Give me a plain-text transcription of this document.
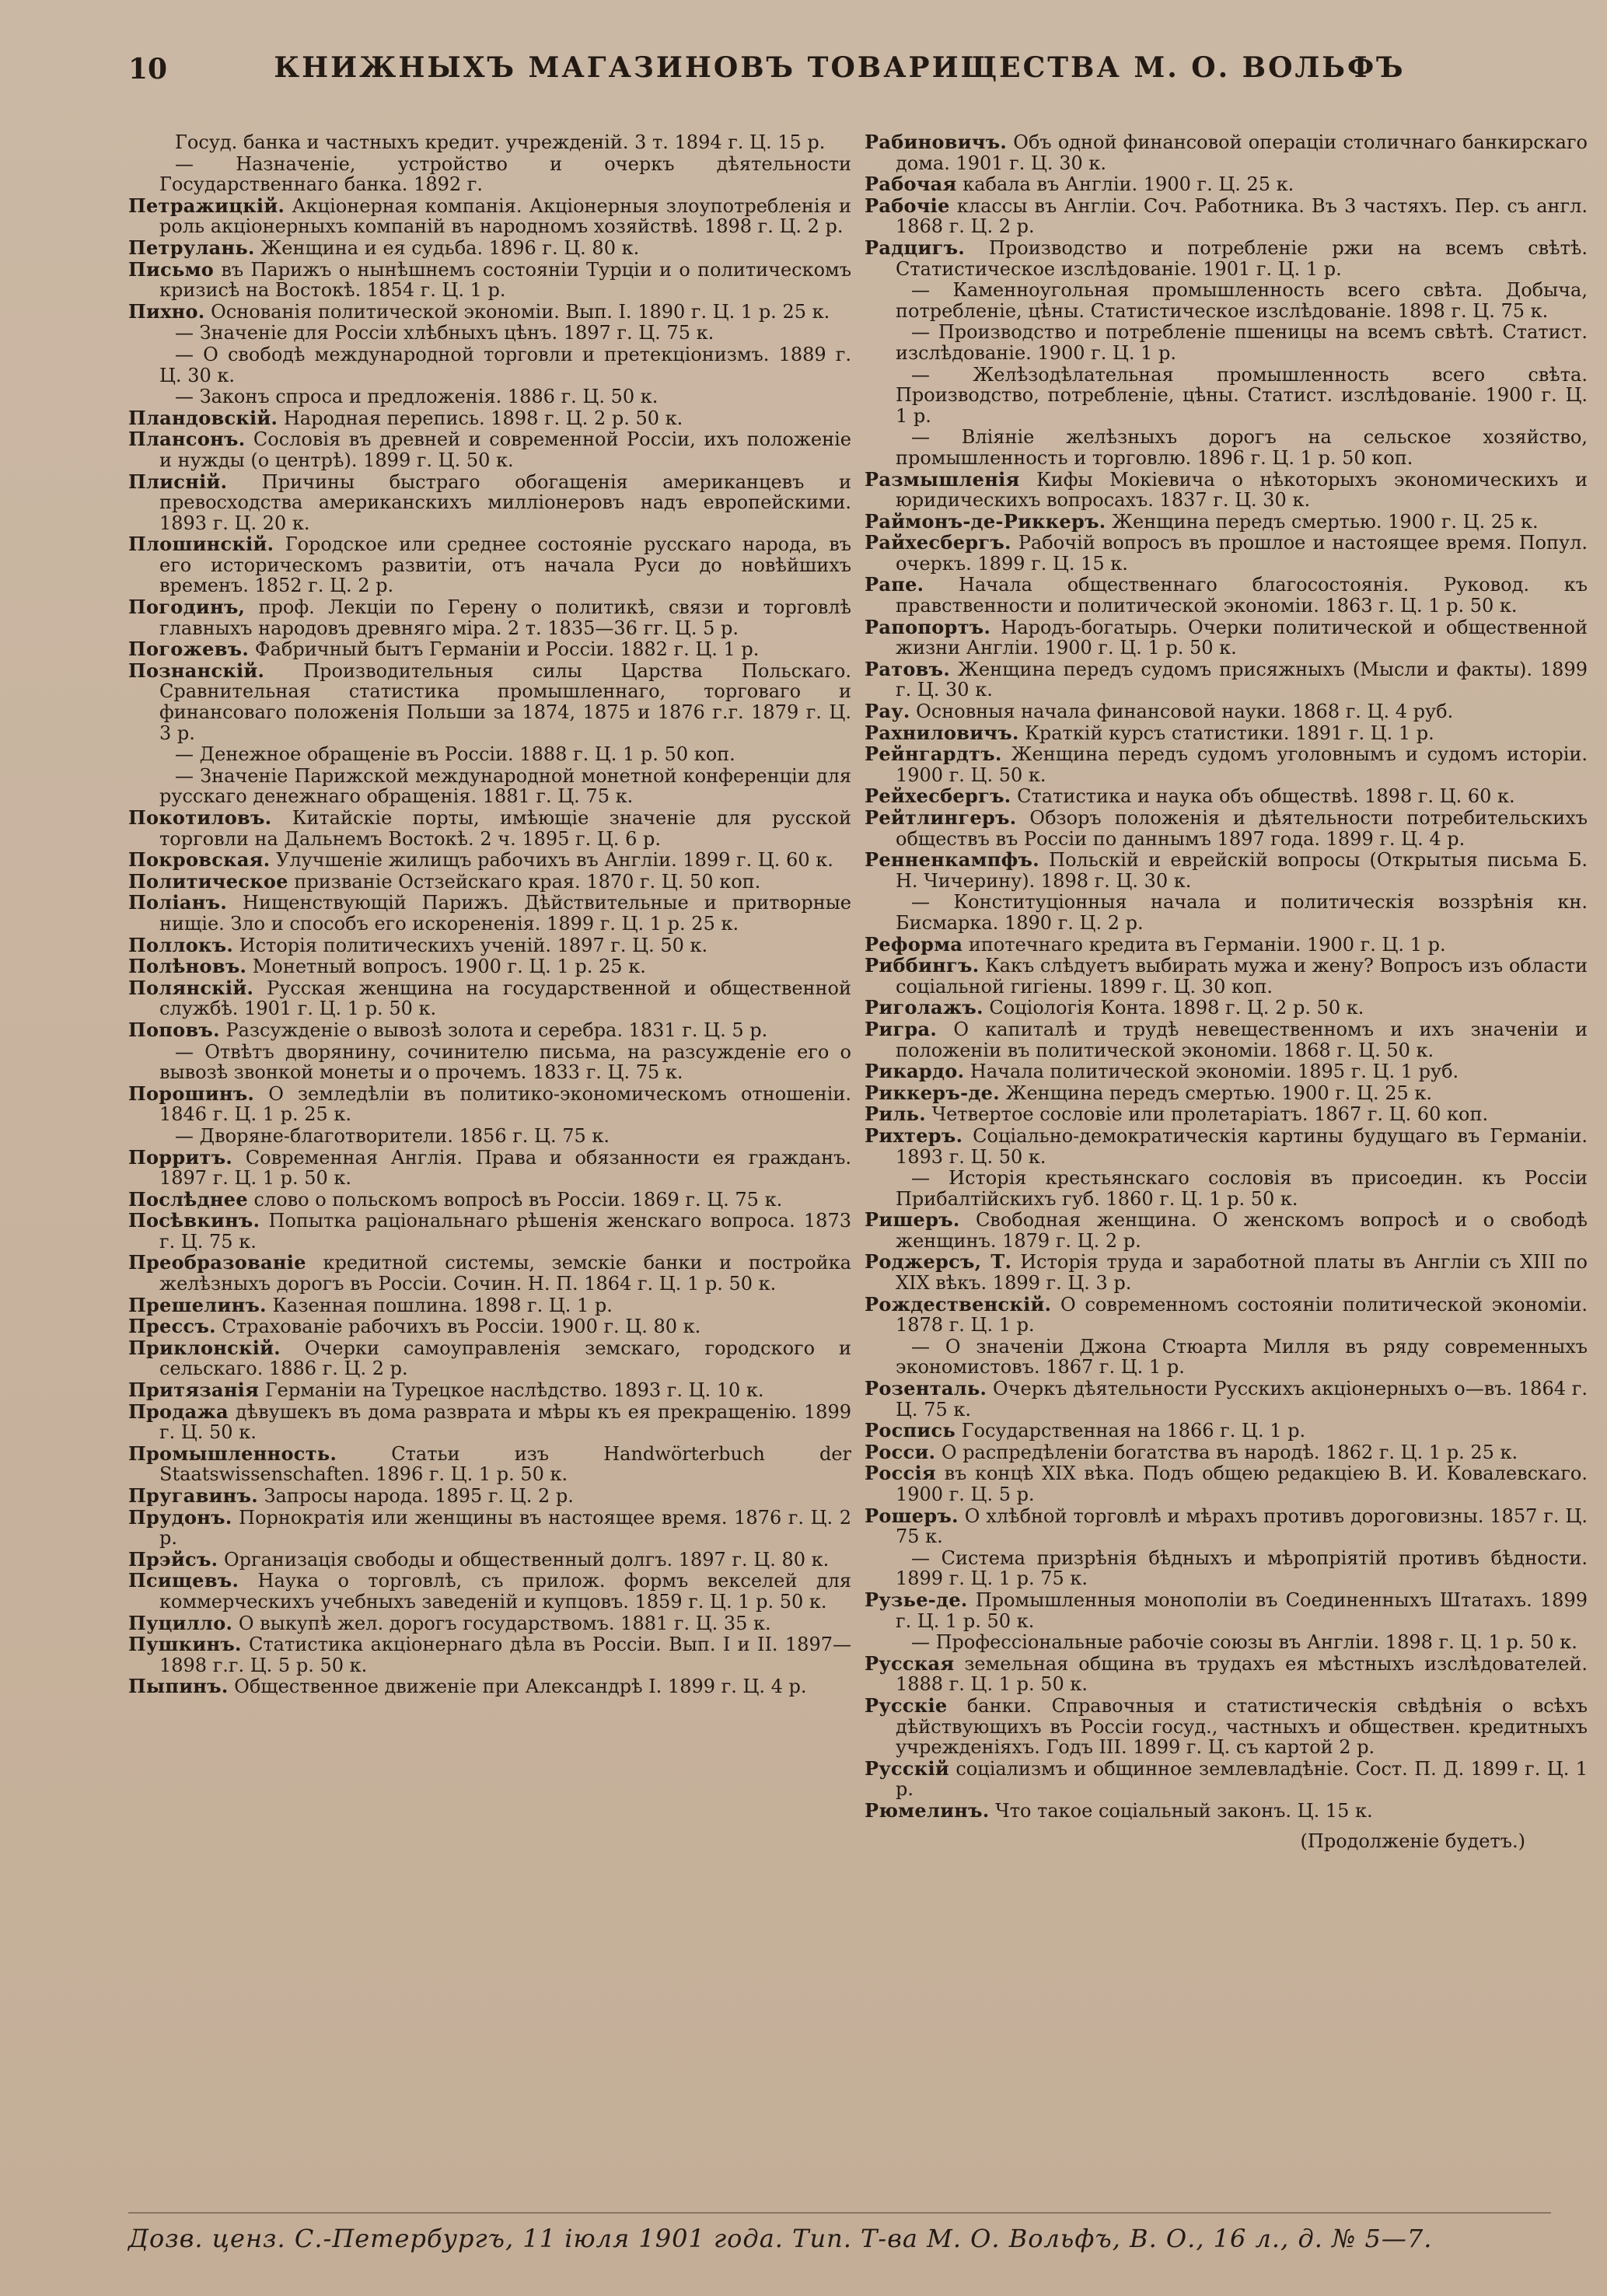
10	КНИЖНЫХЪ МАГАЗИНОВЪ ТОВАРИЩЕСТВА М. О. ВОЛЬФЪ

Госуд. банка и частныхъ кредит. учрежденій. 3 т. 1894 г. Ц. 15 р.

— Назначеніе, устройство и очеркъ дѣятельности Государственнаго банка. 1892 г.

Петражицкій. Акціонерная компанія. Акціонерныя злоупотребленія и роль акціонерныхъ компаній въ народномъ хозяйствѣ. 1898 г. Ц. 2 р.

Петрулань. Женщина и ея судьба. 1896 г. Ц. 80 к.

Письмо въ Парижъ о нынѣшнемъ состояніи Турціи и о политическомъ кризисѣ на Востокѣ. 1854 г. Ц. 1 р.

Пихно. Основанія политической экономіи. Вып. I. 1890 г. Ц. 1 р. 25 к.

— Значеніе для Россіи хлѣбныхъ цѣнъ. 1897 г. Ц. 75 к.

— О свободѣ международной торговли и претекціонизмъ. 1889 г. Ц. 30 к.

— Законъ спроса и предложенія. 1886 г. Ц. 50 к.

Пландовскій. Народная перепись. 1898 г. Ц. 2 р. 50 к.

Плансонъ. Сословія въ древней и современной Россіи, ихъ положеніе и нужды (о центрѣ). 1899 г. Ц. 50 к.

Плиснiй. Причины быстраго обогащенія американцевъ и превосходства американскихъ милліонеровъ надъ европейскими. 1893 г. Ц. 20 к.

Плошинскій. Городское или среднее состояніе русскаго народа, въ его историческомъ развитіи, отъ начала Руси до новѣйшихъ временъ. 1852 г. Ц. 2 р.

Погодинъ, проф. Лекціи по Герену о политикѣ, связи и торговлѣ главныхъ народовъ древняго міра. 2 т. 1835—36 гг. Ц. 5 р.

Погожевъ. Фабричный бытъ Германіи и Россіи. 1882 г. Ц. 1 р.

Познанскій. Производительныя силы Царства Польскаго. Сравнительная статистика промышленнаго, торговаго и финансоваго положенія Польши за 1874, 1875 и 1876 г.г. 1879 г. Ц. 3 р.

— Денежное обращеніе въ Россіи. 1888 г. Ц. 1 р. 50 коп.

— Значеніе Парижской международной монетной конференціи для русскаго денежнаго обращенія. 1881 г. Ц. 75 к.

Покотиловъ. Китайскіе порты, имѣющіе значеніе для русской торговли на Дальнемъ Востокѣ. 2 ч. 1895 г. Ц. 6 р.

Покровская. Улучшеніе жилищъ рабочихъ въ Англіи. 1899 г. Ц. 60 к.

Политическое призваніе Остзейскаго края. 1870 г. Ц. 50 коп.

Поліанъ. Нищенствующій Парижъ. Дѣйствительные и притворные нищіе. Зло и способъ его искорененія. 1899 г. Ц. 1 р. 25 к.

Поллокъ. Исторія политическихъ ученій. 1897 г. Ц. 50 к.

Полѣновъ. Монетный вопросъ. 1900 г. Ц. 1 р. 25 к.

Полянскій. Русская женщина на государственной и общественной службѣ. 1901 г. Ц. 1 р. 50 к.

Поповъ. Разсужденіе о вывозѣ золота и серебра. 1831 г. Ц. 5 р.

— Отвѣтъ дворянину, сочинителю письма, на разсужденіе его о вывозѣ звонкой монеты и о прочемъ. 1833 г. Ц. 75 к.

Порошинъ. О земледѣліи въ политико-экономическомъ отношеніи. 1846 г. Ц. 1 р. 25 к.

— Дворяне-благотворители. 1856 г. Ц. 75 к.

Порритъ. Современная Англія. Права и обязанности ея гражданъ. 1897 г. Ц. 1 р. 50 к.

Послѣднее слово о польскомъ вопросѣ въ Россіи. 1869 г. Ц. 75 к.

Посѣвкинъ. Попытка раціональнаго рѣшенія женскаго вопроса. 1873 г. Ц. 75 к.

Преобразованіе кредитной системы, земскіе банки и постройка желѣзныхъ дорогъ въ Россіи. Сочин. Н. П. 1864 г. Ц. 1 р. 50 к.

Прешелинъ. Казенная пошлина. 1898 г. Ц. 1 р.

Прессъ. Страхованіе рабочихъ въ Россіи. 1900 г. Ц. 80 к.

Приклонскій. Очерки самоуправленія земскаго, городского и сельскаго. 1886 г. Ц. 2 р.

Притязанія Германіи на Турецкое наслѣдство. 1893 г. Ц. 10 к.

Продажа дѣвушекъ въ дома разврата и мѣры къ ея прекращенію. 1899 г. Ц. 50 к.

Промышленность.	Статьи изъ Handwörterbuch der Staatswissenschaften. 1896 г. Ц. 1 р. 50 к.

Пругавинъ. Запросы народа. 1895 г. Ц. 2 р.

Прудонъ. Порнократія или женщины въ настоящее время. 1876 г. Ц. 2 р.

Прэйсъ. Организація свободы и общественный долгъ. 1897 г. Ц. 80 к.

Псищевъ. Наука о торговлѣ, съ прилож. формъ векселей для коммерческихъ учебныхъ заведеній и купцовъ. 1859 г. Ц. 1 р. 50 к.

Пуцилло. О выкупѣ жел. дорогъ государствомъ. 1881 г. Ц. 35 к.

Пушкинъ. Статистика акціонернаго дѣла въ Россіи. Вып. I и II. 1897—1898 г.г. Ц. 5 р. 50 к.

Пыпинъ. Общественное движеніе при Александрѣ I. 1899 г. Ц. 4 р.

Рабиновичъ. Объ одной финансовой операціи столичнаго банкирскаго дома. 1901 г. Ц. 30 к.

Рабочая кабала въ Англіи. 1900 г. Ц. 25 к.

Рабочіе классы въ Англіи. Соч. Работника. Въ 3 частяхъ. Пер. съ англ. 1868 г. Ц. 2 р.

Радцигъ. Производство и потребленіе ржи на всемъ свѣтѣ. Статистическое изслѣдованіе. 1901 г. Ц. 1 р.

— Каменноугольная промышленность всего свѣта. Добыча, потребленіе, цѣны. Статистическое изслѣдованіе. 1898 г. Ц. 75 к.

— Производство и потребленіе пшеницы на всемъ свѣтѣ. Статист. изслѣдованіе. 1900 г. Ц. 1 р.

— Желѣзодѣлательная промышленность всего свѣта. Производство, потребленіе, цѣны. Статист. изслѣдованіе. 1900 г. Ц. 1 р.

— Вліяніе желѣзныхъ дорогъ на сельское хозяйство, промышленность и торговлю. 1896 г. Ц. 1 р. 50 коп.

Размышленія Кифы Мокіевича о нѣкоторыхъ экономическихъ и юридическихъ вопросахъ. 1837 г. Ц. 30 к.

Раймонъ-де-Риккеръ. Женщина передъ смертью. 1900 г. Ц. 25 к.

Райхесбергъ. Рабочій вопросъ въ прошлое и настоящее время. Попул. очеркъ. 1899 г. Ц. 15 к.

Рапе. Начала общественнаго благосостоянія. Руковод. къ правственности и политической экономіи. 1863 г. Ц. 1 р. 50 к.

Рапопортъ. Народъ-богатырь. Очерки политической и общественной жизни Англіи. 1900 г. Ц. 1 р. 50 к.

Ратовъ. Женщина передъ судомъ присяжныхъ (Мысли и факты). 1899 г. Ц. 30 к.

Рау. Основныя начала финансовой науки. 1868 г. Ц. 4 руб.

Рахниловичъ. Краткій курсъ статистики. 1891 г. Ц. 1 р.

Рейнгардтъ. Женщина передъ судомъ уголовнымъ и судомъ исторіи. 1900 г. Ц. 50 к.

Рейхесбергъ. Статистика и наука объ обществѣ. 1898 г. Ц. 60 к.

Рейтлингеръ. Обзоръ положенія и дѣятельности потребительскихъ обществъ въ Россіи по даннымъ 1897 года. 1899 г. Ц. 4 р.

Ренненкампфъ. Польскій и еврейскій вопросы (Открытыя письма Б. Н. Чичерину). 1898 г. Ц. 30 к.

— Конституціонныя начала и политическія воззрѣнія кн. Бисмарка. 1890 г. Ц. 2 р.

Реформа ипотечнаго кредита въ Германіи. 1900 г. Ц. 1 р.

Риббингъ. Какъ слѣдуетъ выбирать мужа и жену? Вопросъ изъ области соціальной гигіены. 1899 г. Ц. 30 коп.

Риголажъ. Соціологія Конта. 1898 г. Ц. 2 р. 50 к.

Ригра. О капиталѣ и трудѣ невещественномъ и ихъ значеніи и положеніи въ политической экономіи. 1868 г. Ц. 50 к.

Рикардо. Начала политической экономіи. 1895 г. Ц. 1 руб.

Риккеръ-де. Женщина передъ смертью. 1900 г. Ц. 25 к.

Риль. Четвертое сословіе или пролетаріатъ. 1867 г. Ц. 60 коп.

Рихтеръ. Соціально-демократическія картины будущаго въ Германіи. 1893 г. Ц. 50 к.

— Исторія крестьянскаго сословія въ присоедин. къ Россіи Прибалтійскихъ губ. 1860 г. Ц. 1 р. 50 к.

Ришеръ. Свободная женщина. О женскомъ вопросѣ и о свободѣ женщинъ. 1879 г. Ц. 2 р.

Роджерсъ, Т. Исторія труда и заработной платы въ Англіи съ XIII по XIX вѣкъ. 1899 г. Ц. 3 р.

Рождественскій. О современномъ состояніи политической экономіи. 1878 г. Ц. 1 р.

— О значеніи Джона Стюарта Милля въ ряду современныхъ экономистовъ. 1867 г. Ц. 1 р.

Розенталь. Очеркъ дѣятельности Русскихъ акціонерныхъ о—въ. 1864 г. Ц. 75 к.

Роспись Государственная на 1866 г. Ц. 1 р.

Росси. О распредѣленіи богатства въ народѣ. 1862 г. Ц. 1 р. 25 к.

Россія въ концѣ XIX вѣка. Подъ общею редакціею В. И. Ковалевскаго. 1900 г. Ц. 5 р.

Рошеръ. О хлѣбной торговлѣ и мѣрахъ противъ дороговизны. 1857 г. Ц. 75 к.

— Система призрѣнія бѣдныхъ и мѣропріятій противъ бѣдности. 1899 г. Ц. 1 р. 75 к.

Рузье-де. Промышленныя монополіи въ Соединенныхъ Штатахъ. 1899 г. Ц. 1 р. 50 к.

— Профессіональные рабочіе союзы въ Англіи. 1898 г. Ц. 1 р. 50 к.

Русская земельная община въ трудахъ ея мѣстныхъ изслѣдователей. 1888 г. Ц. 1 р. 50 к.

Русскіе банки. Справочныя и статистическія свѣдѣнія о всѣхъ дѣйствующихъ въ Россіи госуд., частныхъ и обществен. кредитныхъ учрежденіяхъ. Годъ III. 1899 г. Ц. съ картой 2 р.

Русскій соціализмъ и общинное землевладѣніе. Сост. П. Д. 1899 г. Ц. 1 р.

Рюмелинъ. Что такое соціальный законъ. Ц. 15 к.

(Продолженіе будетъ.)

Дозв. ценз. С.-Петербургъ, 11 іюля 1901 года. Тип. Т-ва М. О. Вольфъ, В. О., 16 л., д. № 5—7.
